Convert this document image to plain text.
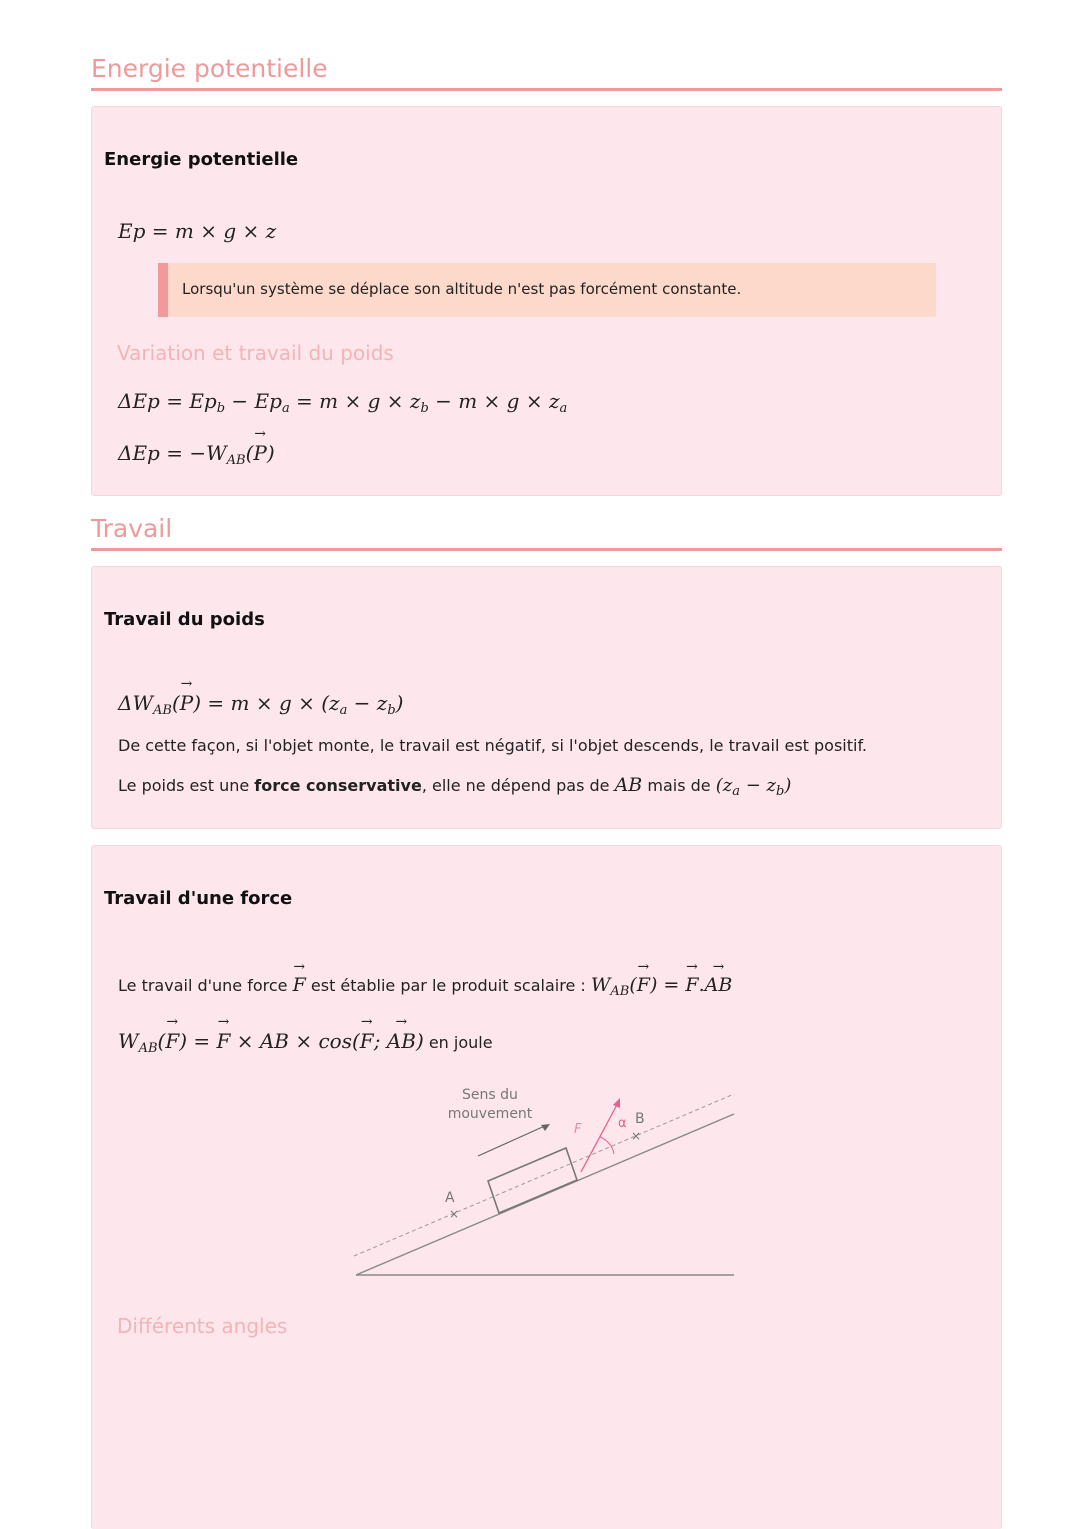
Energie potentielle
Energie potentielle
Ep = m × g × z
Lorsqu'un système se déplace son altitude n'est pas forcément constante.
Variation et travail du poids
$\Delta Ep = Ep_b - Ep_a = m \times g \times z_b - m \times g \times z_a$
$\Delta Ep = -W_{AB}(\to P)$
Travail
Travail du poids
$\Delta W_{AB}(\to P) = m \times g \times (z_a - z_b)$
De cette façon, si l'objet monte, le travail est négatif, si l'objet descends, le travail est positif.
Le poids est une force conservative, elle ne dépend pas de AB mais de $(z_a - z_b)$
Travail d'une force
Le travail d'une force → F est établie par le produit scalaire : $W_{AB}(\to F)$ = → F.→ AB
$W_{AB}(\to F)$ = → F × AB × cos(→ F; → AB) en joule
Sens du
mouvement
F	α
A
×
B
×
Différents angles
